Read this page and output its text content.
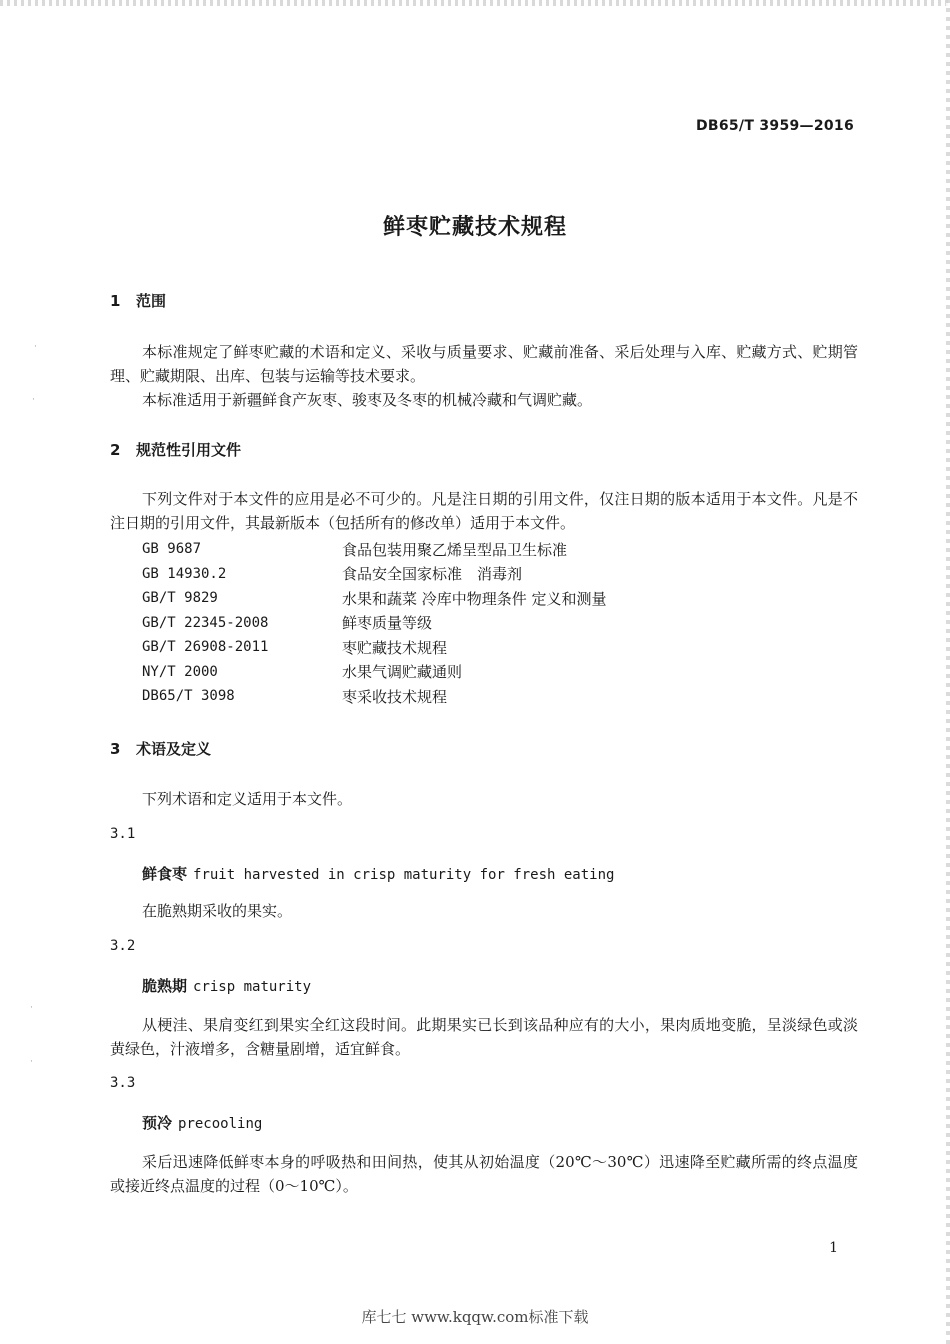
·
·
·
·
DB65/T 3959—2016
鲜枣贮藏技术规程
1 范围
本标准规定了鲜枣贮藏的术语和定义、采收与质量要求、贮藏前准备、采后处理与入库、贮藏方式、贮期管理、贮藏期限、出库、包装与运输等技术要求。
本标准适用于新疆鲜食产灰枣、骏枣及冬枣的机械冷藏和气调贮藏。
2 规范性引用文件
下列文件对于本文件的应用是必不可少的。凡是注日期的引用文件，仅注日期的版本适用于本文件。凡是不注日期的引用文件，其最新版本（包括所有的修改单）适用于本文件。
GB 9687	食品包装用聚乙烯呈型品卫生标准
GB 14930.2	食品安全国家标准　消毒剂
GB/T 9829	水果和蔬菜 冷库中物理条件 定义和测量
GB/T 22345-2008	鲜枣质量等级
GB/T 26908-2011	枣贮藏技术规程
NY/T 2000	水果气调贮藏通则
DB65/T 3098	枣采收技术规程
3 术语及定义
下列术语和定义适用于本文件。
3.1
鲜食枣 fruit harvested in crisp maturity for fresh eating
在脆熟期采收的果实。
3.2
脆熟期 crisp maturity
从梗洼、果肩变红到果实全红这段时间。此期果实已长到该品种应有的大小，果肉质地变脆，呈淡绿色或淡黄绿色，汁液增多，含糖量剧增，适宜鲜食。
3.3
预冷 precooling
采后迅速降低鲜枣本身的呼吸热和田间热，使其从初始温度（20℃～30℃）迅速降至贮藏所需的终点温度或接近终点温度的过程（0～10℃）。
1
库七七 www.kqqw.com标准下载
